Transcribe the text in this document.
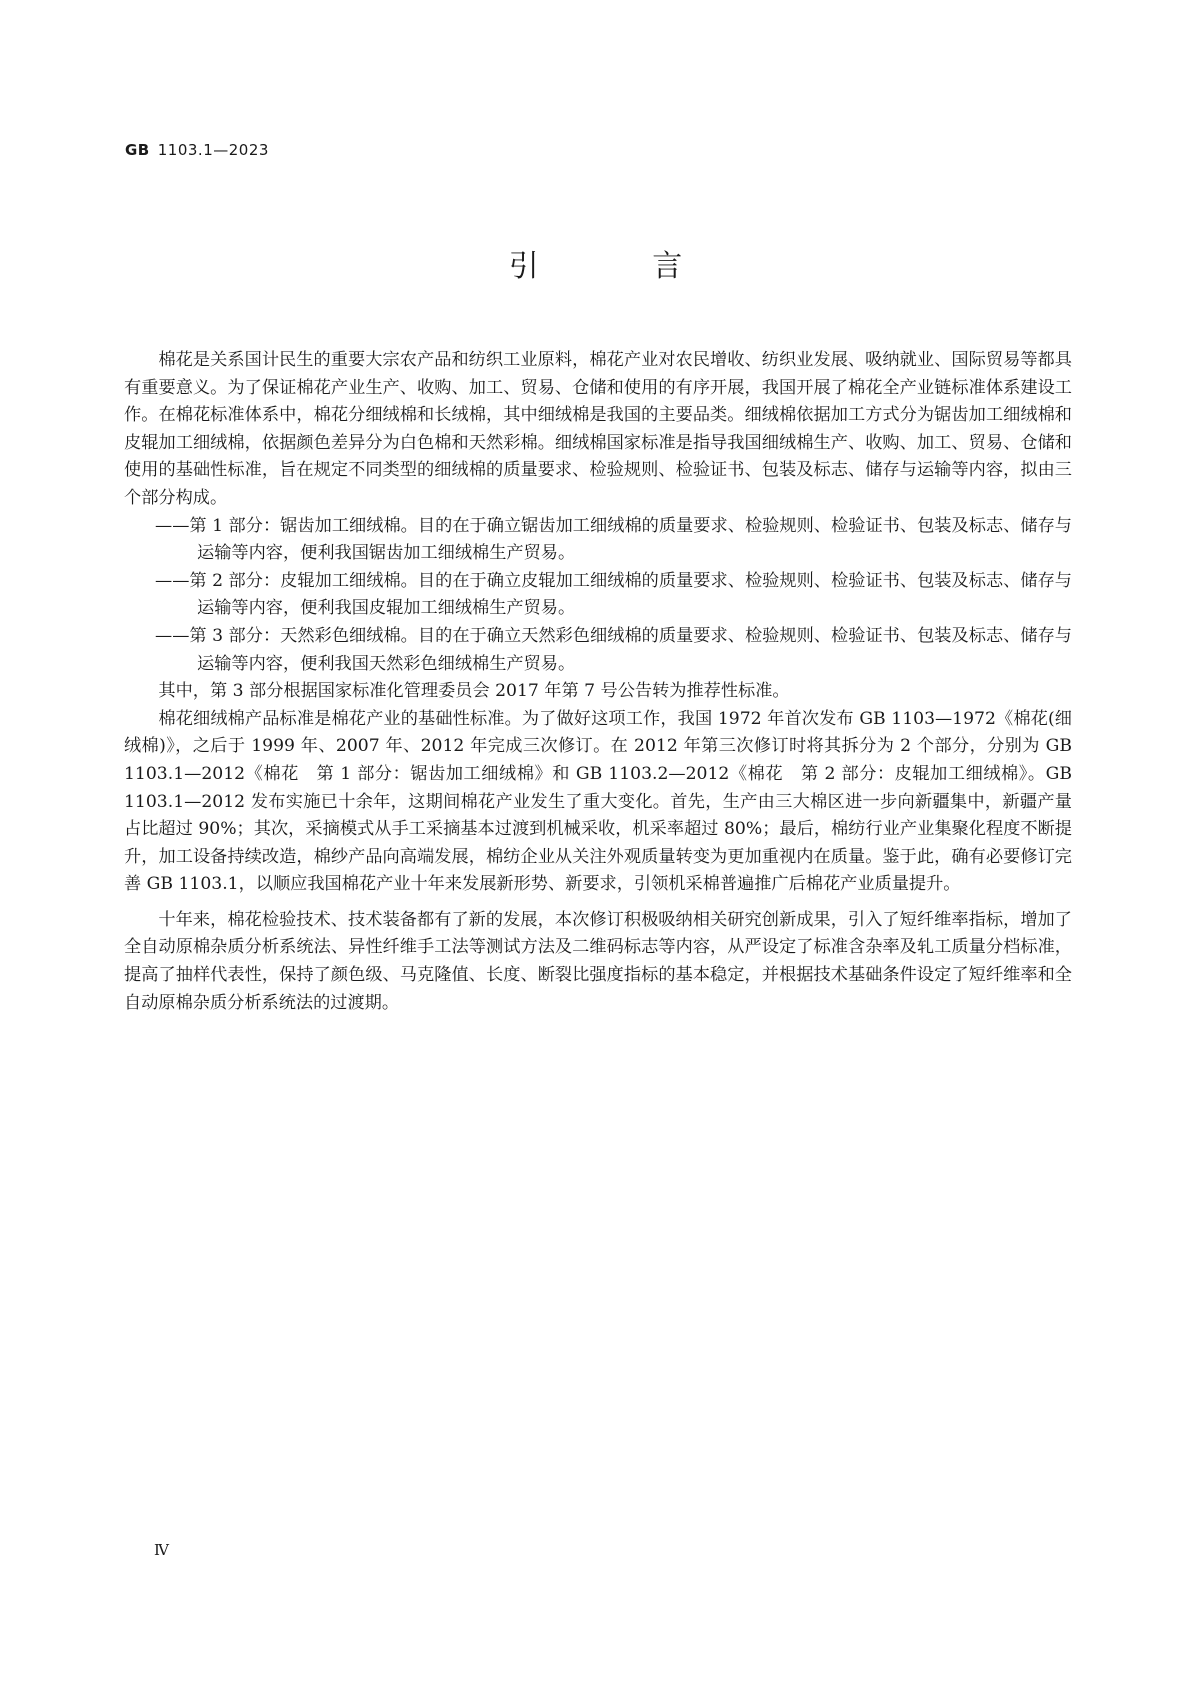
GB 1103.1—2023
引 言

棉花是关系国计民生的重要大宗农产品和纺织工业原料，棉花产业对农民增收、纺织业发展、吸纳就业、国际贸易等都具有重要意义。为了保证棉花产业生产、收购、加工、贸易、仓储和使用的有序开展，我国开展了棉花全产业链标准体系建设工作。在棉花标准体系中，棉花分细绒棉和长绒棉，其中细绒棉是我国的主要品类。细绒棉依据加工方式分为锯齿加工细绒棉和皮辊加工细绒棉，依据颜色差异分为白色棉和天然彩棉。细绒棉国家标准是指导我国细绒棉生产、收购、加工、贸易、仓储和使用的基础性标准，旨在规定不同类型的细绒棉的质量要求、检验规则、检验证书、包装及标志、储存与运输等内容，拟由三个部分构成。

——第 1 部分：锯齿加工细绒棉。目的在于确立锯齿加工细绒棉的质量要求、检验规则、检验证书、包装及标志、储存与运输等内容，便利我国锯齿加工细绒棉生产贸易。

——第 2 部分：皮辊加工细绒棉。目的在于确立皮辊加工细绒棉的质量要求、检验规则、检验证书、包装及标志、储存与运输等内容，便利我国皮辊加工细绒棉生产贸易。

——第 3 部分：天然彩色细绒棉。目的在于确立天然彩色细绒棉的质量要求、检验规则、检验证书、包装及标志、储存与运输等内容，便利我国天然彩色细绒棉生产贸易。

其中，第 3 部分根据国家标准化管理委员会 2017 年第 7 号公告转为推荐性标准。

棉花细绒棉产品标准是棉花产业的基础性标准。为了做好这项工作，我国 1972 年首次发布 GB 1103—1972《棉花(细绒棉)》，之后于 1999 年、2007 年、2012 年完成三次修订。在 2012 年第三次修订时将其拆分为 2 个部分，分别为 GB 1103.1—2012《棉花　第 1 部分：锯齿加工细绒棉》和 GB 1103.2—2012《棉花　第 2 部分：皮辊加工细绒棉》。GB 1103.1—2012 发布实施已十余年，这期间棉花产业发生了重大变化。首先，生产由三大棉区进一步向新疆集中，新疆产量占比超过 90%；其次，采摘模式从手工采摘基本过渡到机械采收，机采率超过 80%；最后，棉纺行业产业集聚化程度不断提升，加工设备持续改造，棉纱产品向高端发展，棉纺企业从关注外观质量转变为更加重视内在质量。鉴于此，确有必要修订完善 GB 1103.1，以顺应我国棉花产业十年来发展新形势、新要求，引领机采棉普遍推广后棉花产业质量提升。

十年来，棉花检验技术、技术装备都有了新的发展，本次修订积极吸纳相关研究创新成果，引入了短纤维率指标，增加了全自动原棉杂质分析系统法、异性纤维手工法等测试方法及二维码标志等内容，从严设定了标准含杂率及轧工质量分档标准，提高了抽样代表性，保持了颜色级、马克隆值、长度、断裂比强度指标的基本稳定，并根据技术基础条件设定了短纤维率和全自动原棉杂质分析系统法的过渡期。

Ⅳ
